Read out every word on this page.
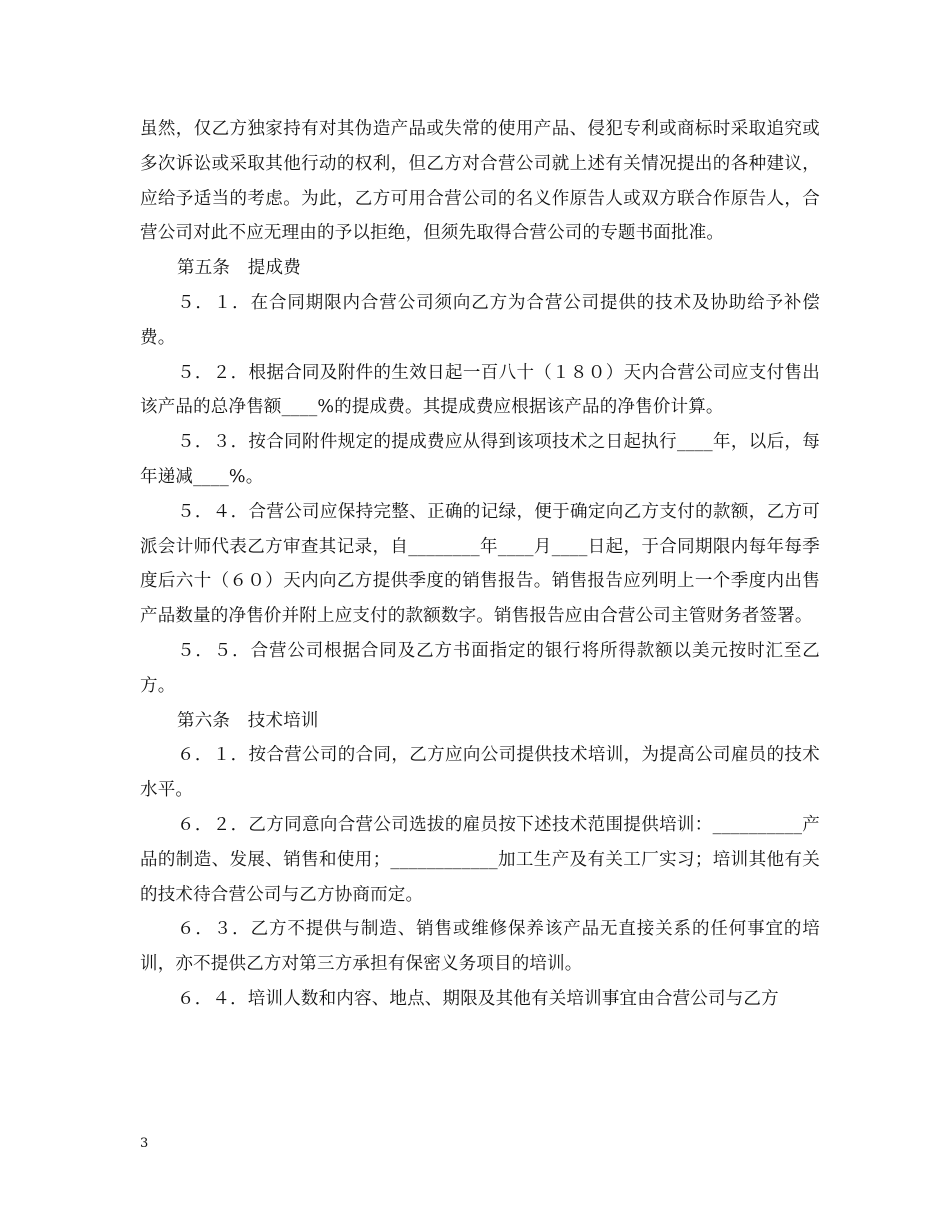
虽然，仅乙方独家持有对其伪造产品或失常的使用产品、侵犯专利或商标时采取追究或多次诉讼或采取其他行动的权利，但乙方对合营公司就上述有关情况提出的各种建议，应给予适当的考虑。为此，乙方可用合营公司的名义作原告人或双方联合作原告人，合营公司对此不应无理由的予以拒绝，但须先取得合营公司的专题书面批准。

第五条　提成费

５．１．在合同期限内合营公司须向乙方为合营公司提供的技术及协助给予补偿费。

５．２．根据合同及附件的生效日起一百八十（１８０）天内合营公司应支付售出该产品的总净售额____%的提成费。其提成费应根据该产品的净售价计算。

５．３．按合同附件规定的提成费应从得到该项技术之日起执行____年，以后，每年递减____%。

５．４．合营公司应保持完整、正确的记绿，便于确定向乙方支付的款额，乙方可派会计师代表乙方审查其记录，自________年____月____日起，于合同期限内每年每季度后六十（６０）天内向乙方提供季度的销售报告。销售报告应列明上一个季度内出售产品数量的净售价并附上应支付的款额数字。销售报告应由合营公司主管财务者签署。

５．５．合营公司根据合同及乙方书面指定的银行将所得款额以美元按时汇至乙方。

第六条　技术培训

６．１．按合营公司的合同，乙方应向公司提供技术培训，为提高公司雇员的技术水平。

６．２．乙方同意向合营公司选拔的雇员按下述技术范围提供培训：__________产品的制造、发展、销售和使用；____________加工生产及有关工厂实习；培训其他有关的技术待合营公司与乙方协商而定。

６．３．乙方不提供与制造、销售或维修保养该产品无直接关系的任何事宜的培训，亦不提供乙方对第三方承担有保密义务项目的培训。

６．４．培训人数和内容、地点、期限及其他有关培训事宜由合营公司与乙方

3
